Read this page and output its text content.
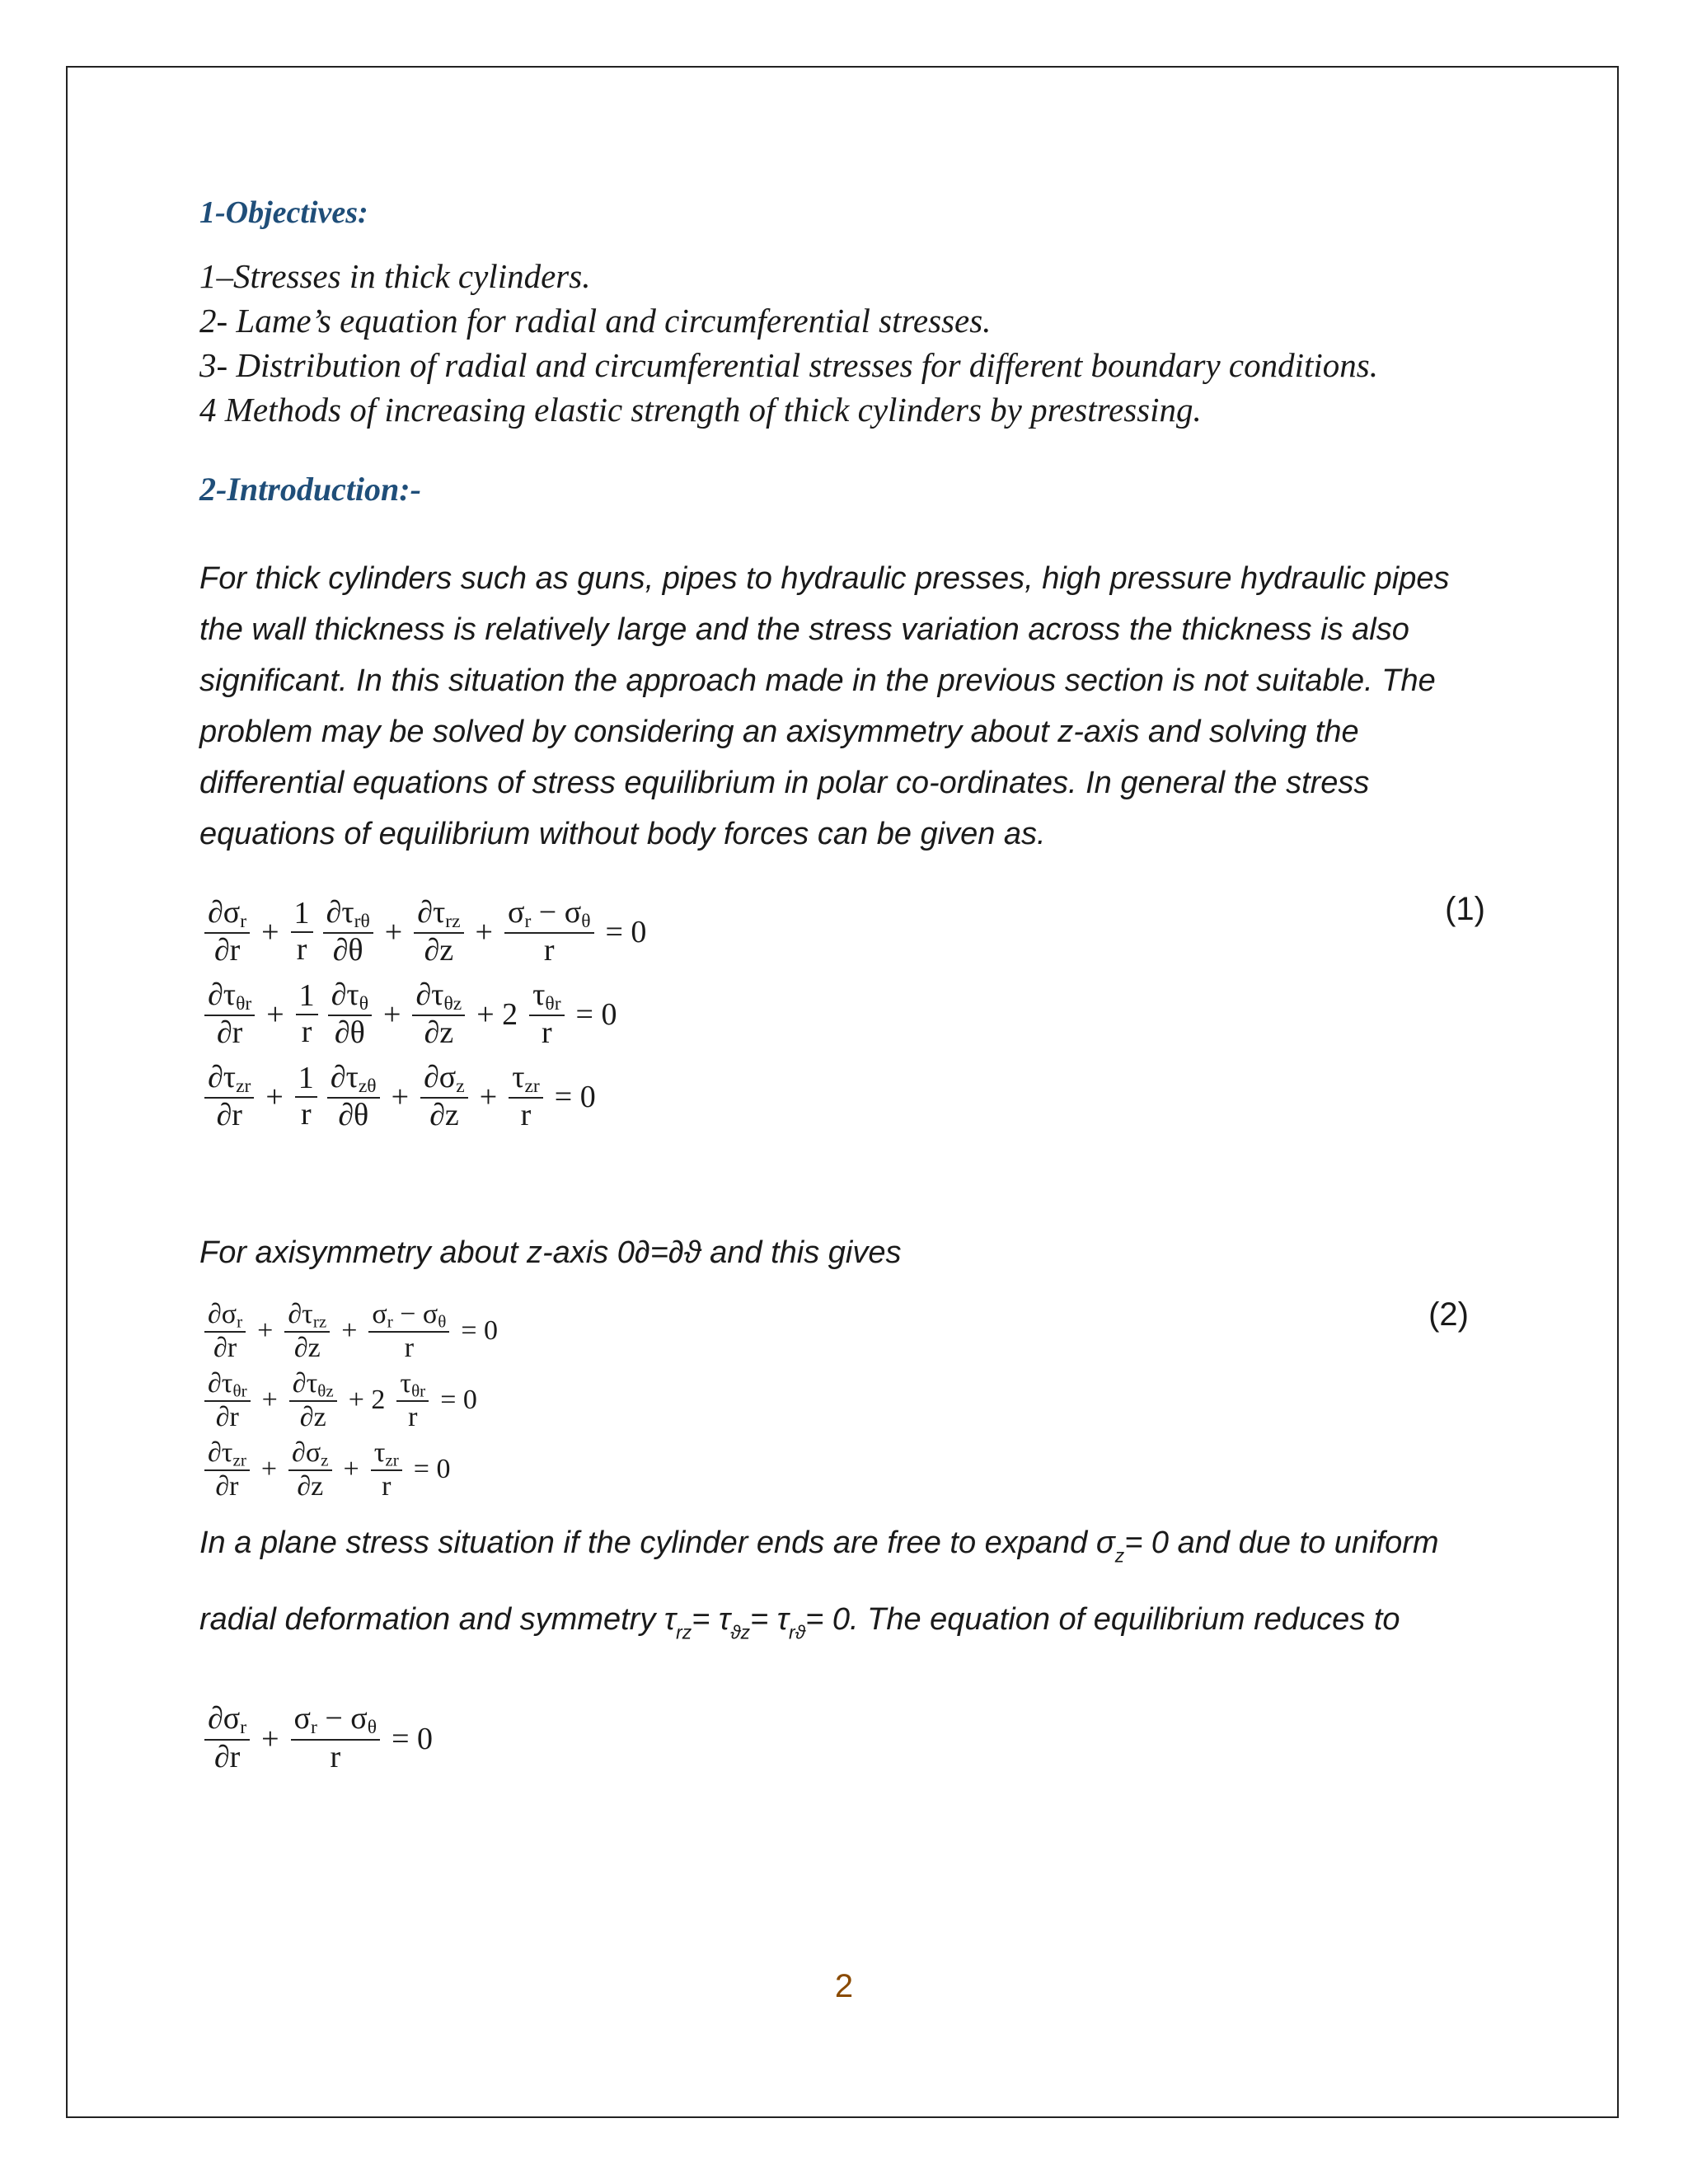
1-Objectives:
1–Stresses in thick cylinders.
2- Lame’s equation for radial and circumferential stresses.
3- Distribution of radial and circumferential stresses for different boundary conditions.
4 Methods of increasing elastic strength of thick cylinders by prestressing.
2-Introduction:-

For thick cylinders such as guns, pipes to hydraulic presses, high pressure hydraulic pipes the wall thickness is relatively large and the stress variation across the thickness is also significant. In this situation the approach made in the previous section is not suitable. The problem may be solved by considering an axisymmetry about z-axis and solving the differential equations of stress equilibrium in polar co-ordinates. In general the stress equations of equilibrium without body forces can be given as.

(1)
$\frac{\partial\sigma_r}{\partial r} + \frac{1}{r} \frac{\partial\tau_{r\theta}}{\partial\theta} + \frac{\partial\tau_{rz}}{\partial z} + \frac{\sigma_r - \sigma_\theta}{r} = 0$
$\frac{\partial\tau_{\theta r}}{\partial r} + \frac{1}{r} \frac{\partial\tau_\theta}{\partial\theta} + \frac{\partial\tau_{\theta z}}{\partial z} + 2 \frac{\tau_{\theta r}}{r} = 0$
$\frac{\partial\tau_{zr}}{\partial r} + \frac{1}{r} \frac{\partial\tau_{z\theta}}{\partial\theta} + \frac{\partial\sigma_z}{\partial z} + \frac{\tau_{zr}}{r} = 0$

For axisymmetry about z-axis 0∂=∂ϑ and this gives

(2)
$\frac{\partial\sigma_r}{\partial r} + \frac{\partial\tau_{rz}}{\partial z} + \frac{\sigma_r - \sigma_\theta}{r} = 0$
$\frac{\partial\tau_{\theta r}}{\partial r} + \frac{\partial\tau_{\theta z}}{\partial z} + 2 \frac{\tau_{\theta r}}{r} = 0$
$\frac{\partial\tau_{zr}}{\partial r} + \frac{\partial\sigma_z}{\partial z} + \frac{\tau_{zr}}{r} = 0$

In a plane stress situation if the cylinder ends are free to expand $\sigma_z= 0$ and due to uniform radial deformation and symmetry $\tau_{rz}= \tau_{ϑz}= \tau_{rϑ}= 0$. The equation of equilibrium reduces to

$\frac{\partial\sigma_r}{\partial r} + \frac{\sigma_r - \sigma_\theta}{r} = 0$
2
